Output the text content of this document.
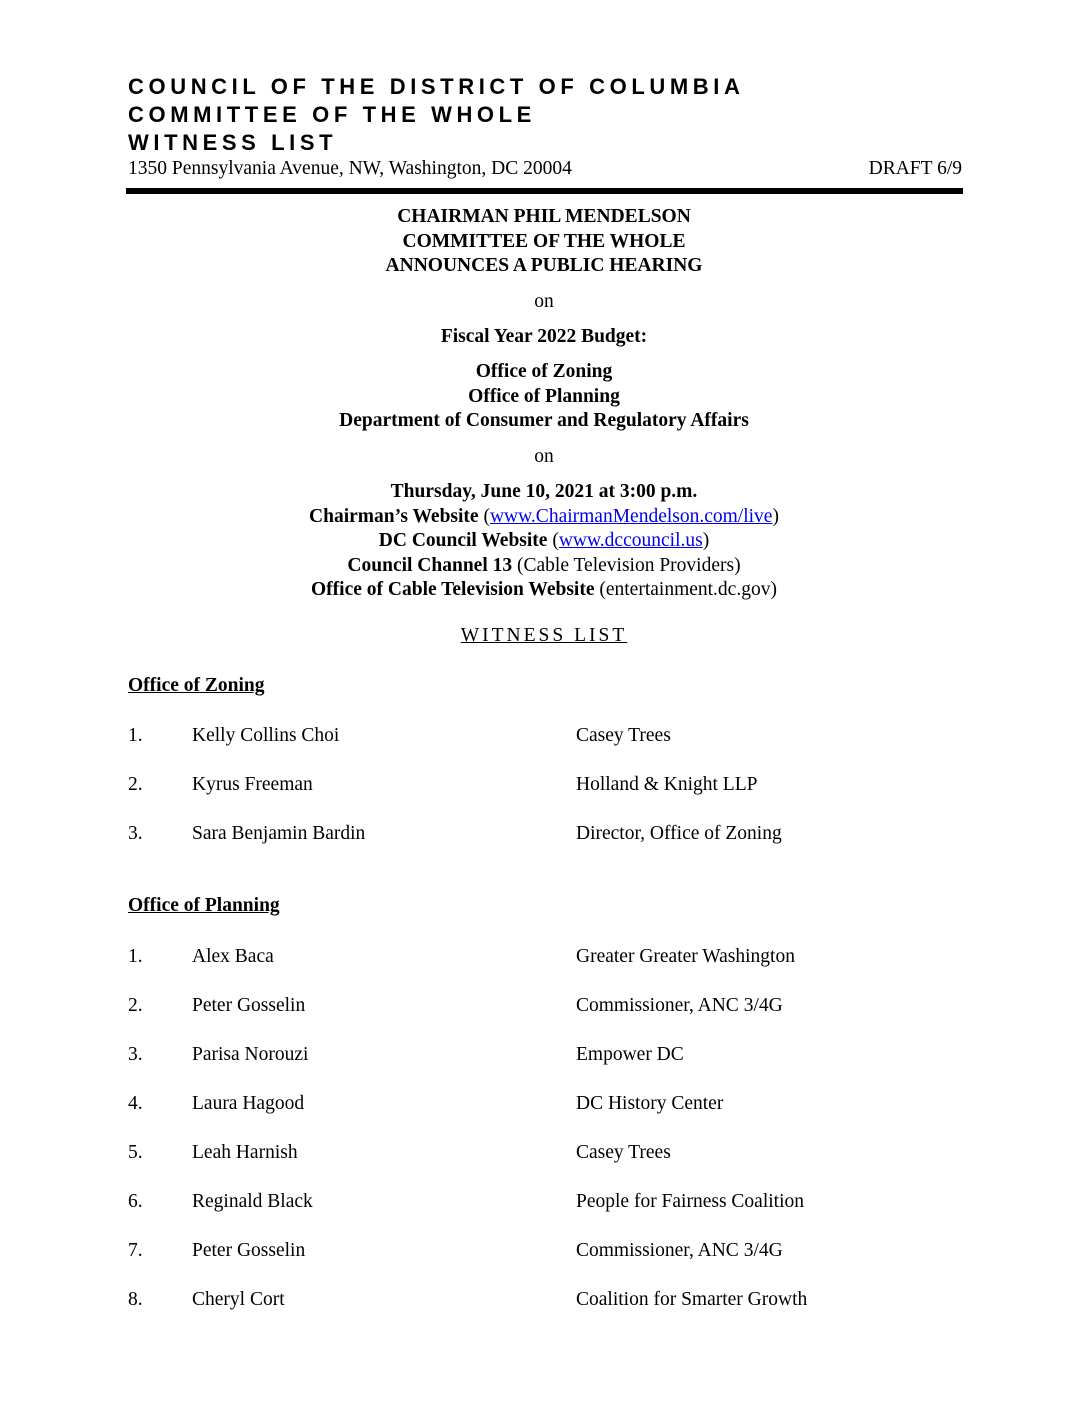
COUNCIL OF THE DISTRICT OF COLUMBIA
COMMITTEE OF THE WHOLE
WITNESS LIST
1350 Pennsylvania Avenue, NW, Washington, DC 20004	DRAFT 6/9
CHAIRMAN PHIL MENDELSON
COMMITTEE OF THE WHOLE
ANNOUNCES A PUBLIC HEARING
on
Fiscal Year 2022 Budget:
Office of Zoning
Office of Planning
Department of Consumer and Regulatory Affairs
on
Thursday, June 10, 2021 at 3:00 p.m.
Chairman’s Website (www.ChairmanMendelson.com/live)
DC Council Website (www.dccouncil.us)
Council Channel 13 (Cable Television Providers)
Office of Cable Television Website (entertainment.dc.gov)
WITNESS LIST
Office of Zoning
1.	Kelly Collins Choi	Casey Trees
2.	Kyrus Freeman	Holland & Knight LLP
3.	Sara Benjamin Bardin	Director, Office of Zoning
Office of Planning
1.	Alex Baca	Greater Greater Washington
2.	Peter Gosselin	Commissioner, ANC 3/4G
3.	Parisa Norouzi	Empower DC
4.	Laura Hagood	DC History Center
5.	Leah Harnish	Casey Trees
6.	Reginald Black	People for Fairness Coalition
7.	Peter Gosselin	Commissioner, ANC 3/4G
8.	Cheryl Cort	Coalition for Smarter Growth
